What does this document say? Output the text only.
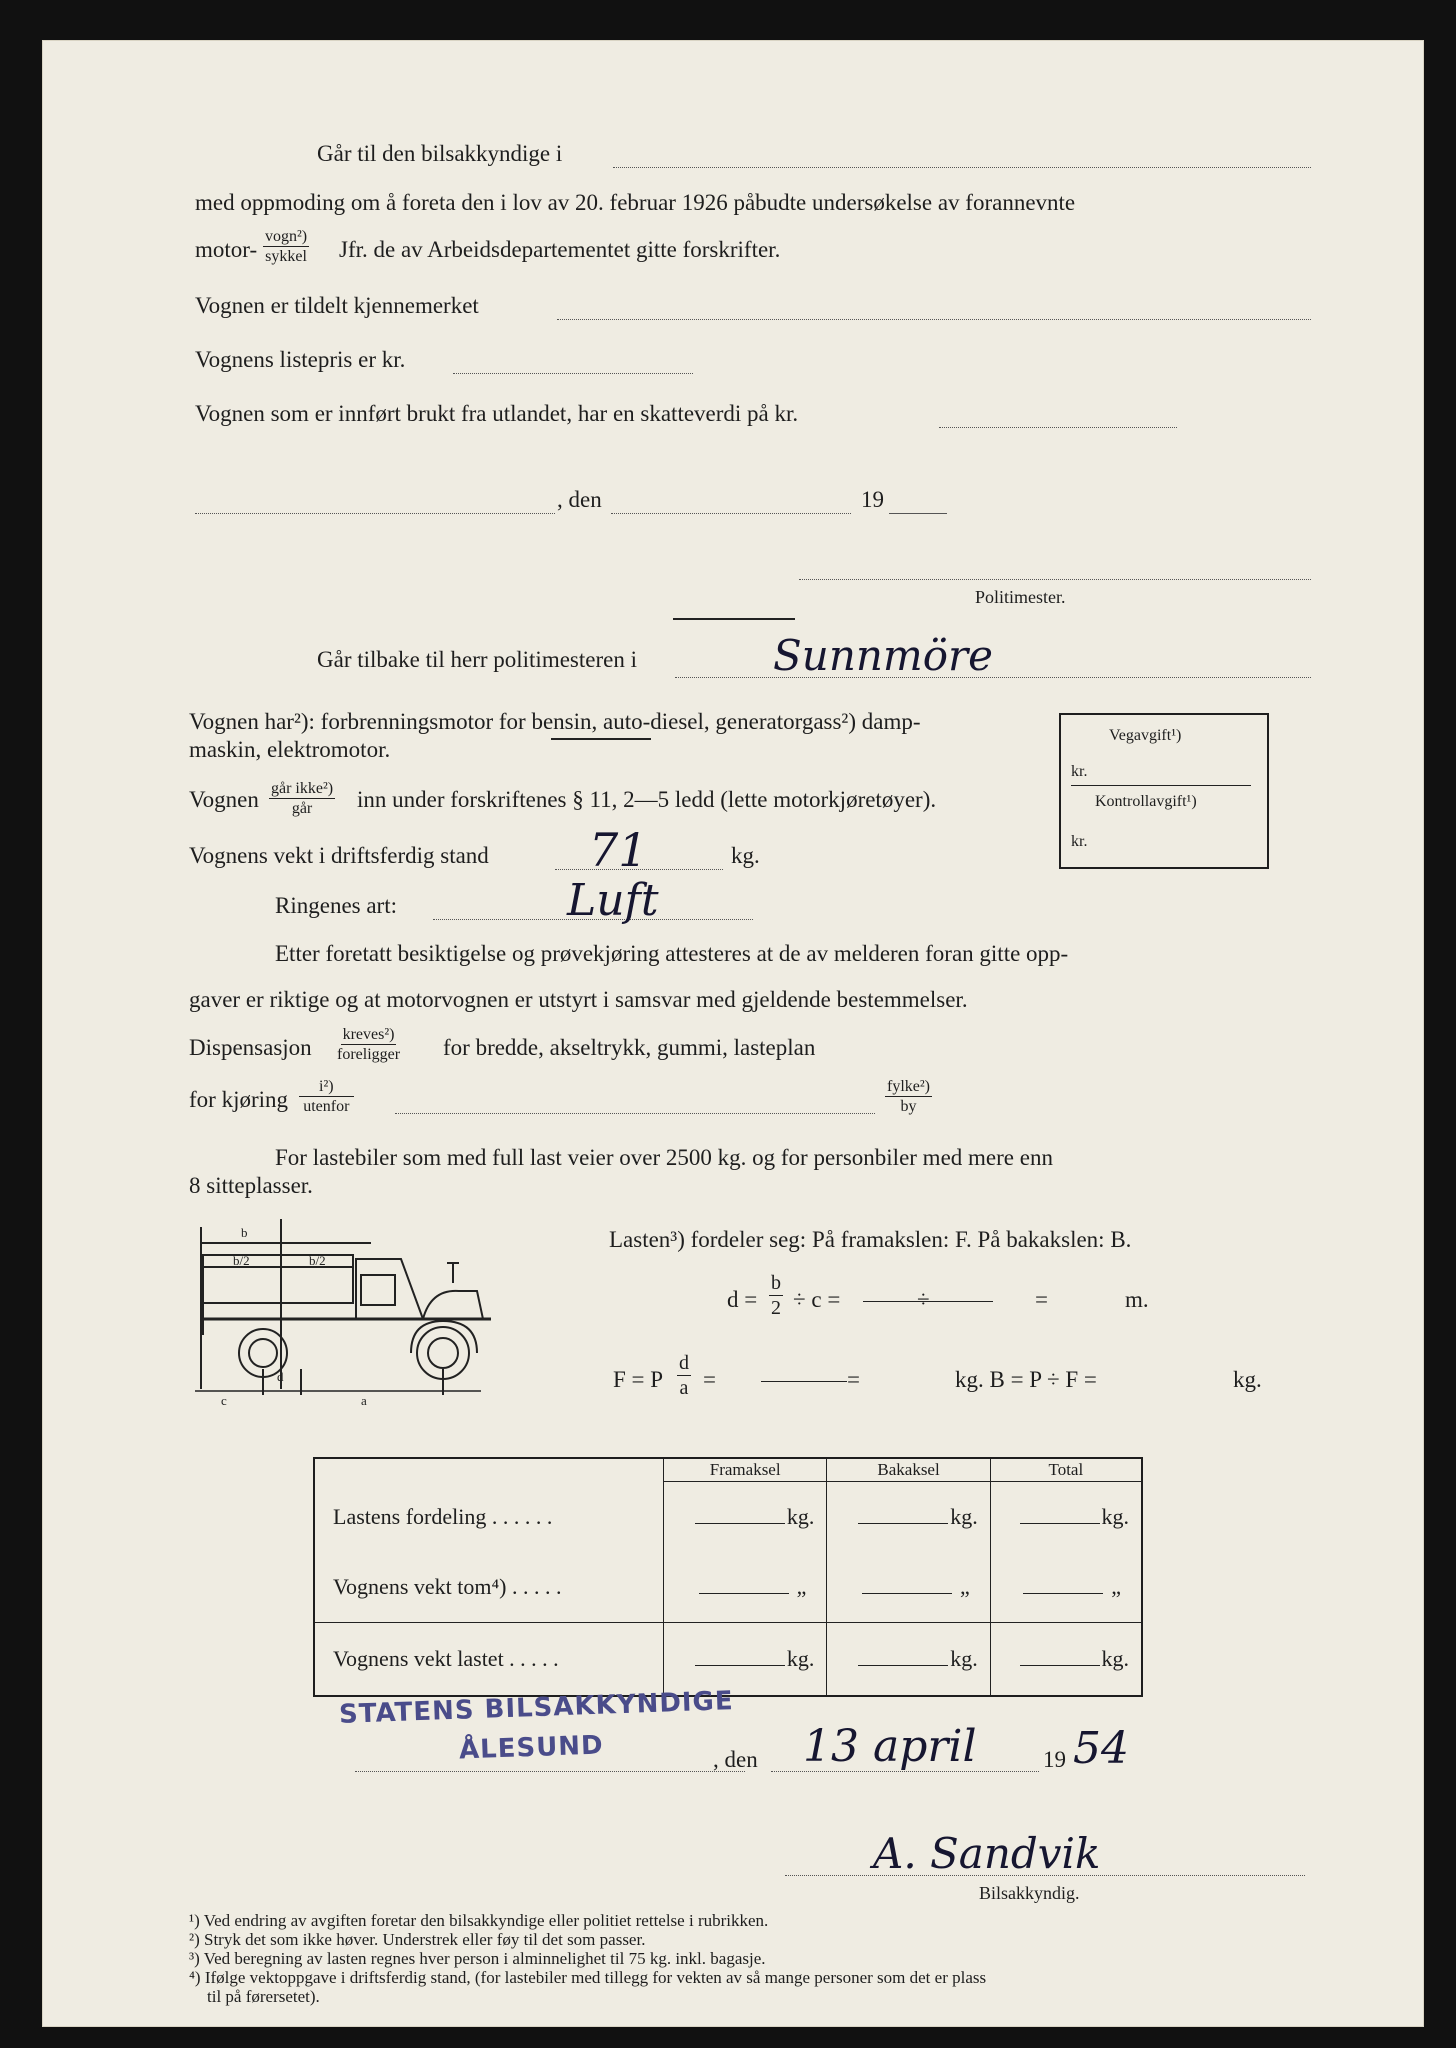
Går til den bilsakkyndige i
med oppmoding om å foreta den i lov av 20. februar 1926 påbudte undersøkelse av forannevnte
motor-
vogn²)
sykkel Jfr. de av Arbeidsdepartementet gitte forskrifter.
Vognen er tildelt kjennemerket
Vognens listepris er kr.
Vognen som er innført brukt fra utlandet, har en skatteverdi på kr.
, den	19
Politimester.
Går tilbake til herr politimesteren i	Sunnmöre
Vognen har²): forbrenningsmotor for bensin, auto-diesel, generatorgass²) damp-
maskin, elektromotor.
Vognen går ikke²)
går inn under forskriftenes § 11, 2—5 ledd (lette motorkjøretøyer).
Vognens vekt i driftsferdig stand 71	kg.
Ringenes art:	Luft
Vegavgift¹)
kr.
Kontrollavgift¹)
kr.
Etter foretatt besiktigelse og prøvekjøring attesteres at de av melderen foran gitte opp-
gaver er riktige og at motorvognen er utstyrt i samsvar med gjeldende bestemmelser.
Dispensasjon
kreves²)
foreligger for bredde, akseltrykk, gummi, lasteplan
for kjøring
i²)
utenfor
fylke²)
by
For lastebiler som med full last veier over 2500 kg. og for personbiler med mere enn
8 sitteplasser.
b
b/2	b/2
c
d
a
Lasten³) fordeler seg: På framakslen: F. På bakakslen: B.
$d = \frac{b}{2} \div c$ =	÷	=	m.
F = P $\frac{d}{a}$ =	=	kg. B = P ÷ F =	kg.
	Framaksel	Bakaksel	Total
Lastens fordeling . . . . . .	kg.	kg.	kg.
Vognens vekt tom⁴) . . . . .	„	„	„
Vognens vekt lastet . . . . .	kg.	kg.	kg.
STATENS BILSAKKYNDIGE
ÅLESUND	, den 13 april	19 54
A. Sandvik
Bilsakkyndig.
¹) Ved endring av avgiften foretar den bilsakkyndige eller politiet rettelse i rubrikken.
²) Stryk det som ikke høver. Understrek eller føy til det som passer.
³) Ved beregning av lasten regnes hver person i alminnelighet til 75 kg. inkl. bagasje.
⁴) Ifølge vektoppgave i driftsferdig stand, (for lastebiler med tillegg for vekten av så mange personer som det er plass
til på førersetet).
